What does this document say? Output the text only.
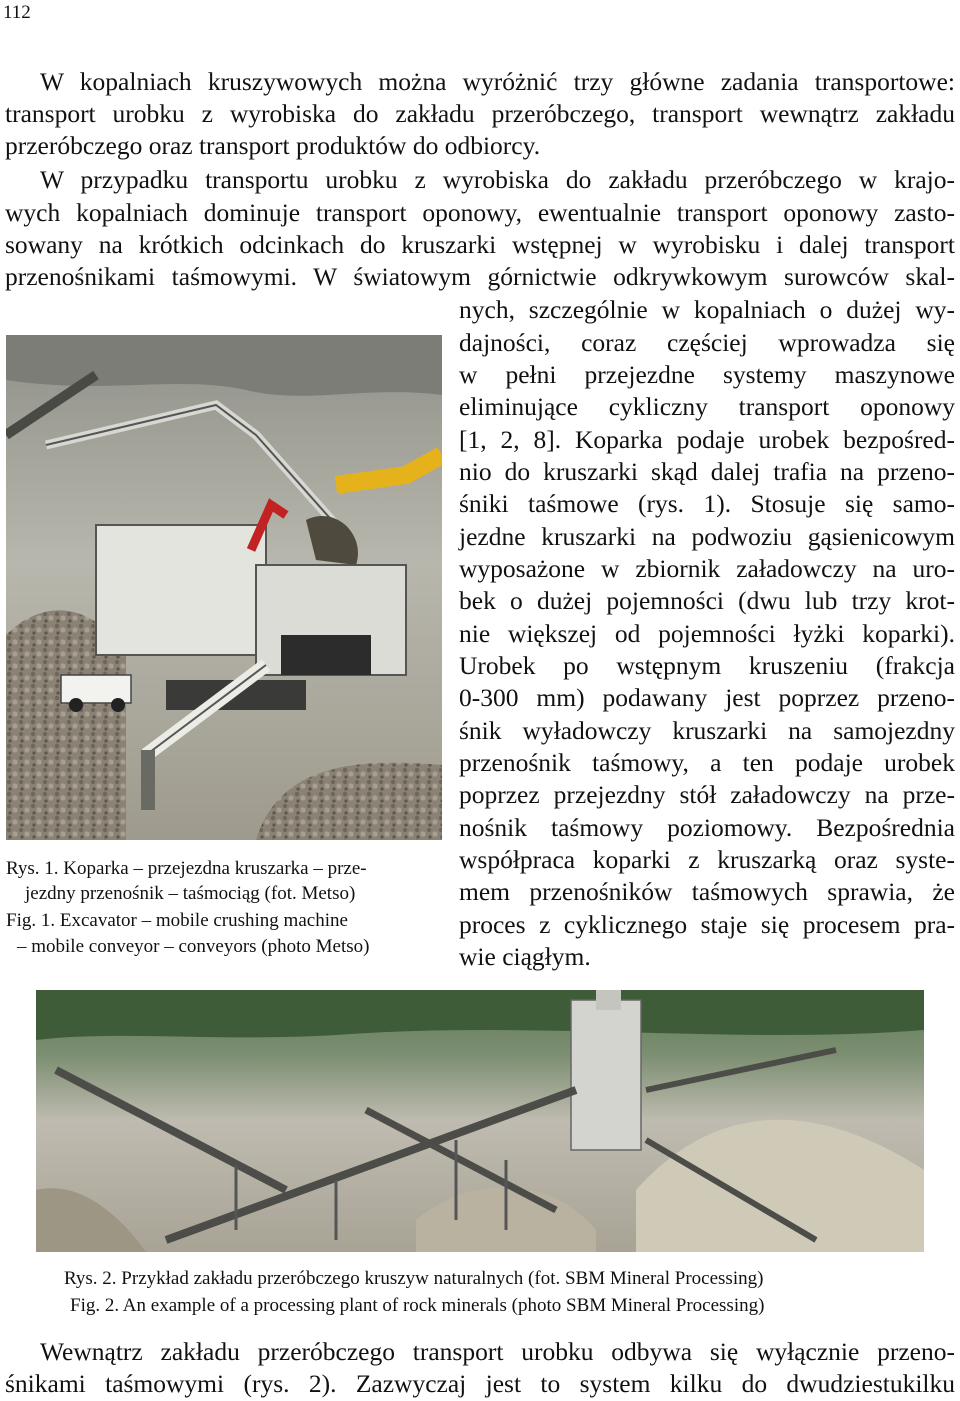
112
W kopalniach kruszywowych można wyróżnić trzy główne zadania transportowe:
transport urobku z wyrobiska do zakładu przeróbczego, transport wewnątrz zakładu
przeróbczego oraz transport produktów do odbiorcy.
W przypadku transportu urobku z wyrobiska do zakładu przeróbczego w krajo-
wych kopalniach dominuje transport oponowy, ewentualnie transport oponowy zasto-
sowany na krótkich odcinkach do kruszarki wstępnej w wyrobisku i dalej transport
przenośnikami taśmowymi. W światowym górnictwie odkrywkowym surowców skal-
nych, szczególnie w kopalniach o dużej wy-
dajności, coraz częściej wprowadza się
w pełni przejezdne systemy maszynowe
eliminujące cykliczny transport oponowy
[1, 2, 8]. Koparka podaje urobek bezpośred-
nio do kruszarki skąd dalej trafia na przeno-
śniki taśmowe (rys. 1). Stosuje się samo-
jezdne kruszarki na podwoziu gąsienicowym
wyposażone w zbiornik załadowczy na uro-
bek o dużej pojemności (dwu lub trzy krot-
nie większej od pojemności łyżki koparki).
Urobek po wstępnym kruszeniu (frakcja
0-300 mm) podawany jest poprzez przeno-
śnik wyładowczy kruszarki na samojezdny
przenośnik taśmowy, a ten podaje urobek
poprzez przejezdny stół załadowczy na prze-
nośnik taśmowy poziomowy. Bezpośrednia
współpraca koparki z kruszarką oraz syste-
mem przenośników taśmowych sprawia, że
proces z cyklicznego staje się procesem pra-
wie ciągłym.
Rys. 1. Koparka – przejezdna kruszarka – prze-
jezdny przenośnik – taśmociąg (fot. Metso)
Fig. 1. Excavator – mobile crushing machine
– mobile conveyor – conveyors (photo Metso)
Rys. 2. Przykład zakładu przeróbczego kruszyw naturalnych (fot. SBM Mineral Processing)
Fig. 2. An example of a processing plant of rock minerals (photo SBM Mineral Processing)
Wewnątrz zakładu przeróbczego transport urobku odbywa się wyłącznie przeno-
śnikami taśmowymi (rys. 2). Zazwyczaj jest to system kilku do dwudziestukilku
